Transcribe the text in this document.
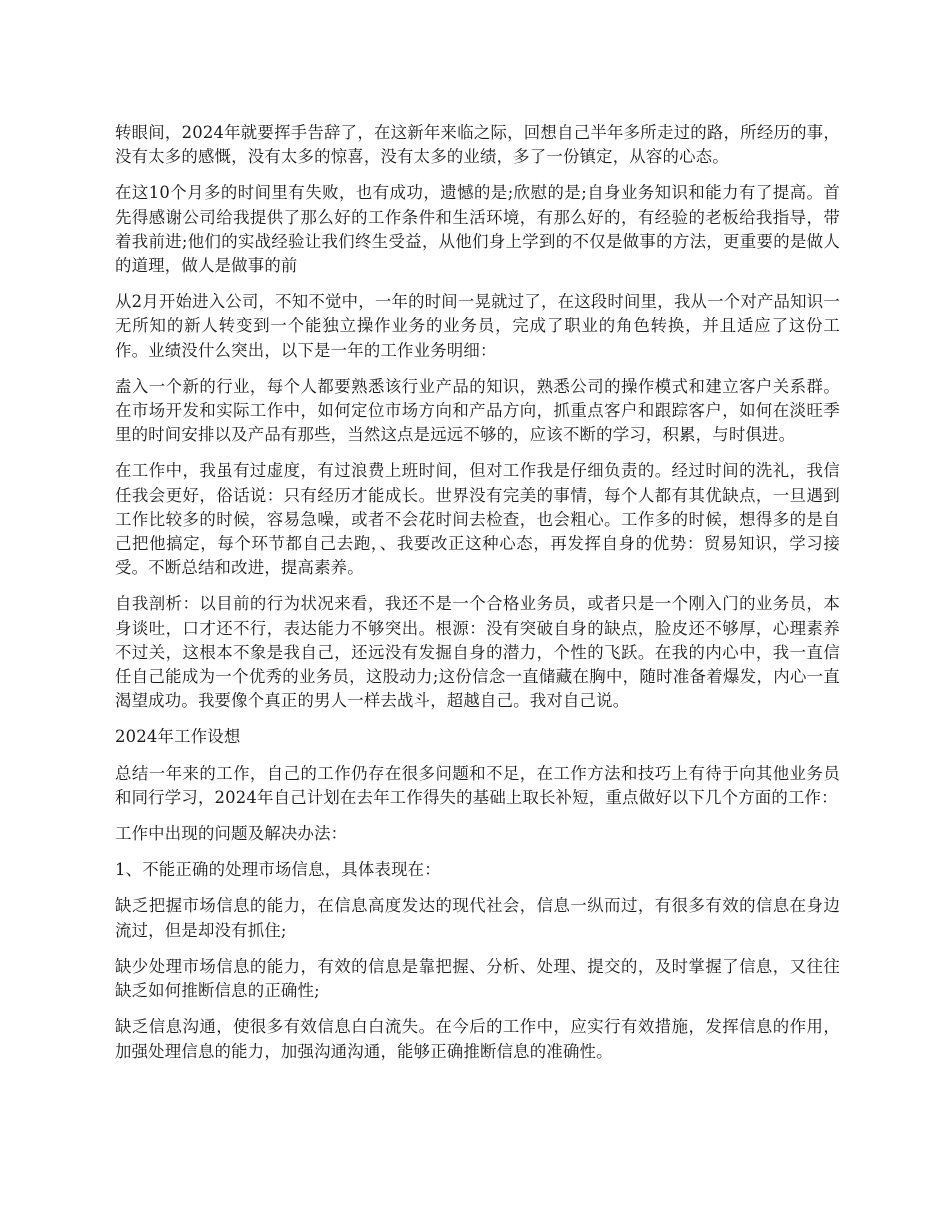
转眼间，2024年就要挥手告辞了，在这新年来临之际，回想自己半年多所走过的路，所经历的事，没有太多的感慨，没有太多的惊喜，没有太多的业绩，多了一份镇定，从容的心态。

在这10个月多的时间里有失败，也有成功，遗憾的是;欣慰的是;自身业务知识和能力有了提高。首先得感谢公司给我提供了那么好的工作条件和生活环境，有那么好的，有经验的老板给我指导，带着我前进;他们的实战经验让我们终生受益，从他们身上学到的不仅是做事的方法，更重要的是做人的道理，做人是做事的前

从2月开始进入公司，不知不觉中，一年的时间一晃就过了，在这段时间里，我从一个对产品知识一无所知的新人转变到一个能独立操作业务的业务员，完成了职业的角色转换，并且适应了这份工作。业绩没什么突出，以下是一年的工作业务明细：

盍入一个新的行业，每个人都要熟悉该行业产品的知识，熟悉公司的操作模式和建立客户关系群。在市场开发和实际工作中，如何定位市场方向和产品方向，抓重点客户和跟踪客户，如何在淡旺季里的时间安排以及产品有那些，当然这点是远远不够的，应该不断的学习，积累，与时俱进。

在工作中，我虽有过虚度，有过浪费上班时间，但对工作我是仔细负责的。经过时间的洗礼，我信任我会更好，俗话说：只有经历才能成长。世界没有完美的事情，每个人都有其优缺点，一旦遇到工作比较多的时候，容易急噪，或者不会花时间去检查，也会粗心。工作多的时候，想得多的是自己把他搞定，每个环节都自己去跑，、我要改正这种心态，再发挥自身的优势：贸易知识，学习接受。不断总结和改进，提高素养。

自我剖析：以目前的行为状况来看，我还不是一个合格业务员，或者只是一个刚入门的业务员，本身谈吐，口才还不行，表达能力不够突出。根源：没有突破自身的缺点，脸皮还不够厚，心理素养不过关，这根本不象是我自己，还远没有发掘自身的潜力，个性的飞跃。在我的内心中，我一直信任自己能成为一个优秀的业务员，这股动力;这份信念一直储藏在胸中，随时准备着爆发，内心一直渴望成功。我要像个真正的男人一样去战斗，超越自己。我对自己说。

2024年工作设想

总结一年来的工作，自己的工作仍存在很多问题和不足，在工作方法和技巧上有待于向其他业务员和同行学习，2024年自己计划在去年工作得失的基础上取长补短，重点做好以下几个方面的工作：

工作中出现的问题及解决办法：

1、不能正确的处理市场信息，具体表现在：

缺乏把握市场信息的能力，在信息高度发达的现代社会，信息一纵而过，有很多有效的信息在身边流过，但是却没有抓住;

缺少处理市场信息的能力，有效的信息是靠把握、分析、处理、提交的，及时掌握了信息，又往往缺乏如何推断信息的正确性;

缺乏信息沟通，使很多有效信息白白流失。在今后的工作中，应实行有效措施，发挥信息的作用，加强处理信息的能力，加强沟通沟通，能够正确推断信息的准确性。
